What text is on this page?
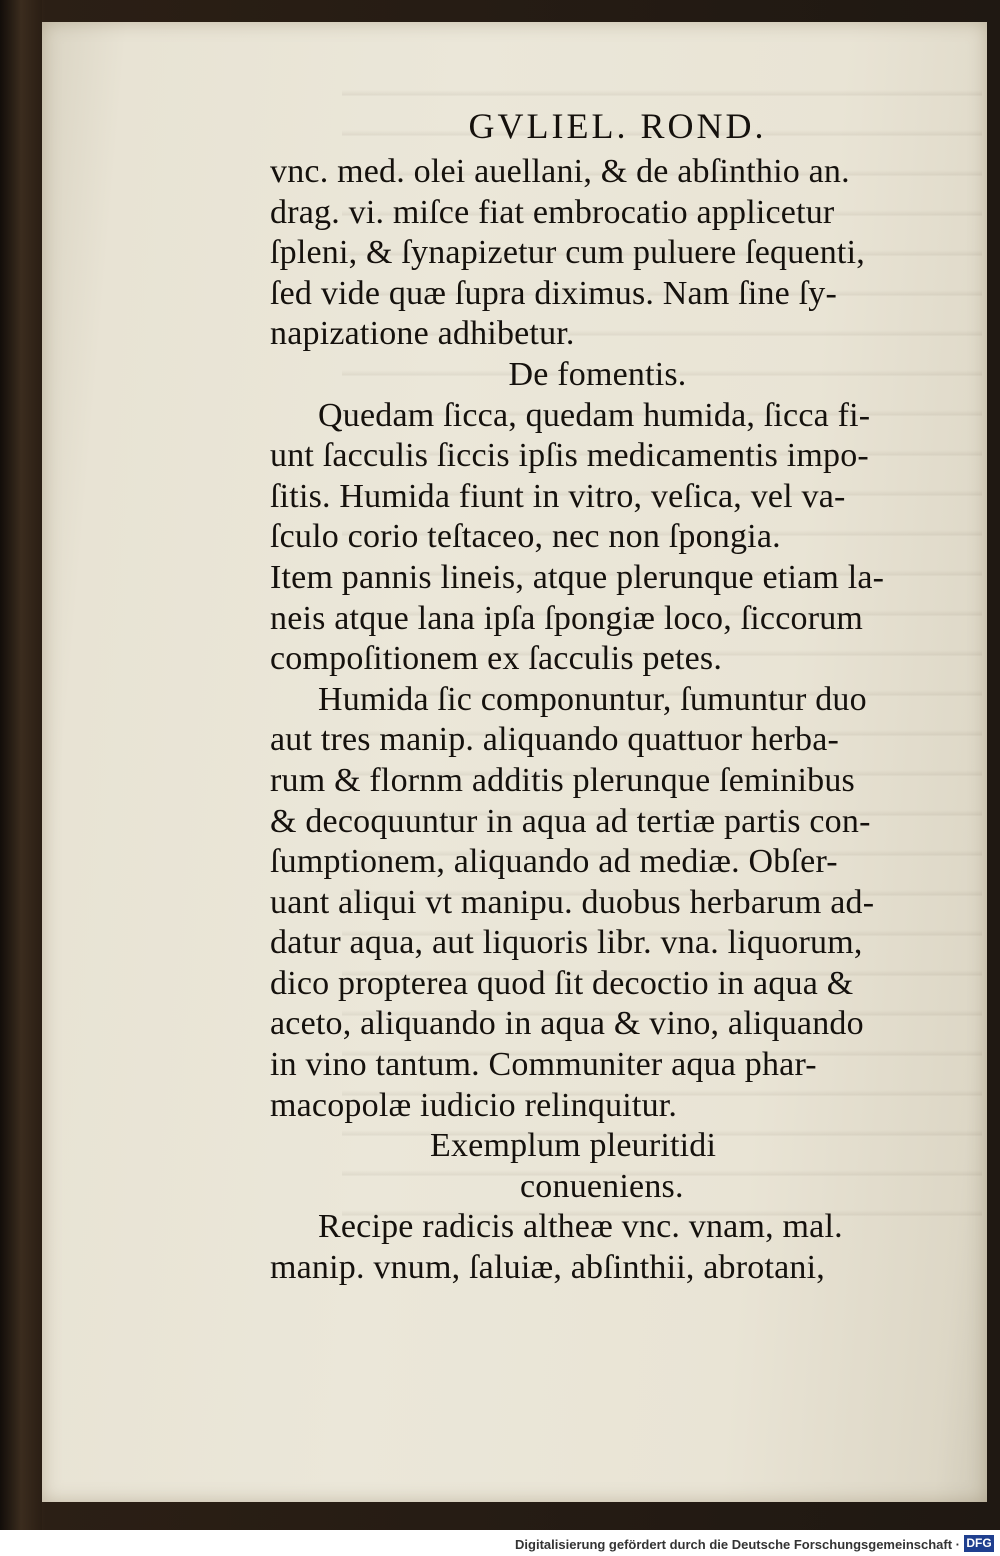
GVLIEL. ROND.
vnc. med. olei auellani, & de abſinthio an.
drag. vi. miſce fiat embrocatio applicetur
ſpleni, & ſynapizetur cum puluere ſequenti,
ſed vide quæ ſupra diximus. Nam ſine ſy-
napizatione adhibetur.
De fomentis.
Quedam ſicca, quedam humida, ſicca fi-
unt ſacculis ſiccis ipſis medicamentis impo-
ſitis. Humida fiunt in vitro, veſica, vel va-
ſculo corio teſtaceo, nec non ſpongia.
Item pannis lineis, atque plerunque etiam la-
neis atque lana ipſa ſpongiæ loco, ſiccorum
compoſitionem ex ſacculis petes.
Humida ſic componuntur, ſumuntur duo
aut tres manip. aliquando quattuor herba-
rum & flornm additis plerunque ſeminibus
& decoquuntur in aqua ad tertiæ partis con-
ſumptionem, aliquando ad mediæ. Obſer-
uant aliqui vt manipu. duobus herbarum ad-
datur aqua, aut liquoris libr. vna. liquorum,
dico propterea quod ſit decoctio in aqua &
aceto, aliquando in aqua & vino, aliquando
in vino tantum. Communiter aqua phar-
macopolæ iudicio relinquitur.
Exemplum pleuritidi
conueniens.
Recipe radicis altheæ vnc. vnam, mal.
manip. vnum, ſaluiæ, abſinthii, abrotani,
Digitalisierung gefördert durch die Deutsche Forschungsgemeinschaft · DFG
